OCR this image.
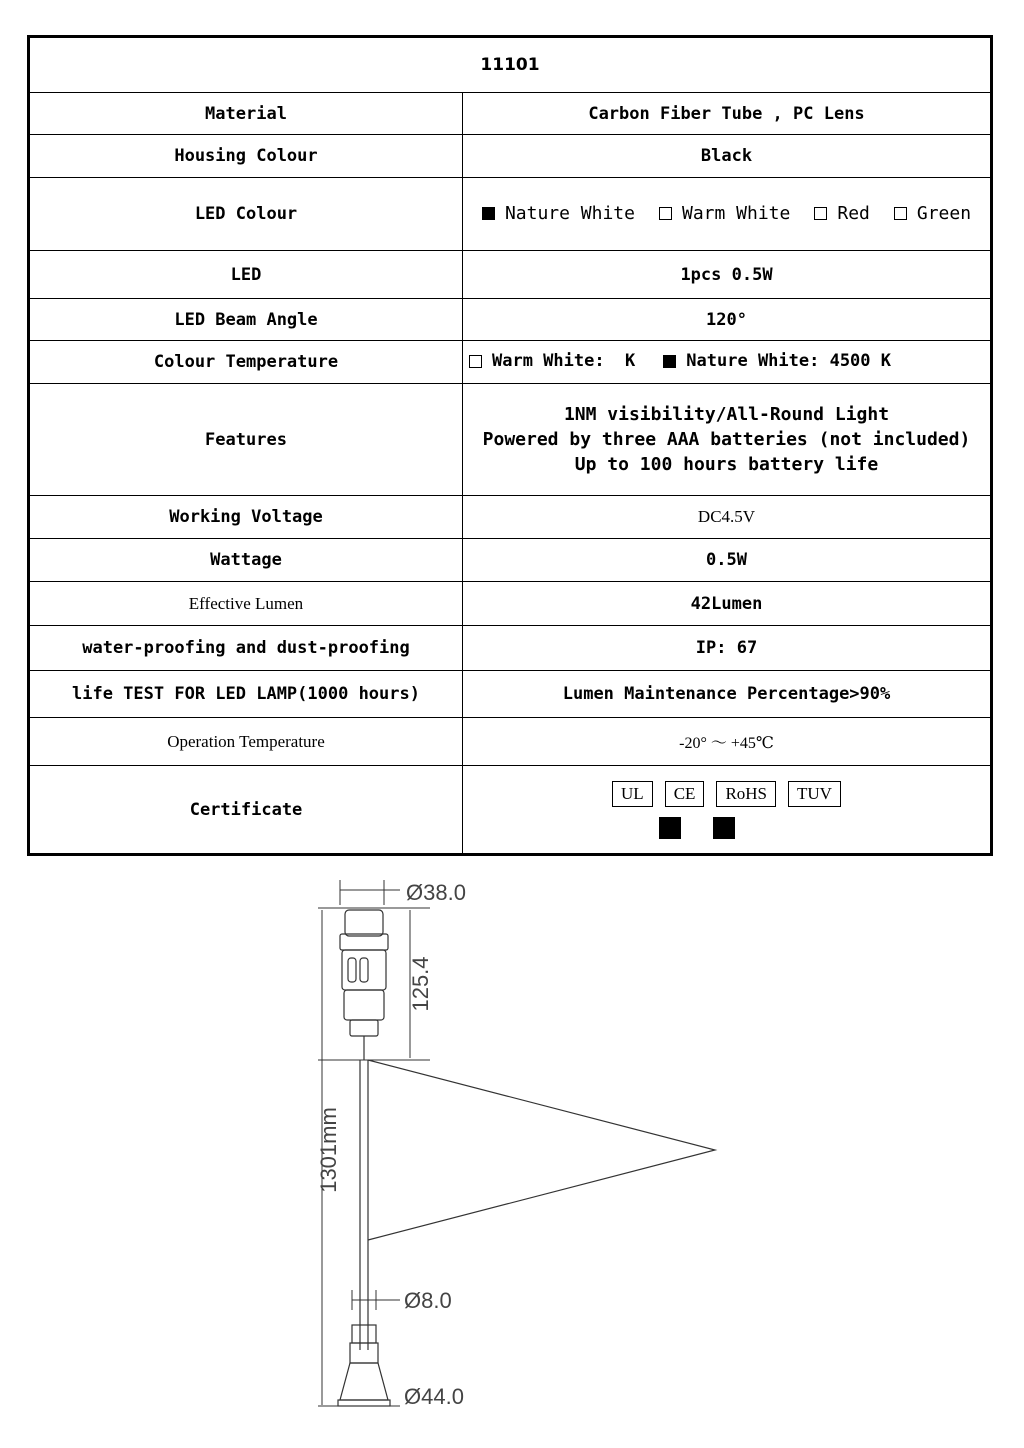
11101	
Material	Carbon Fiber Tube , PC Lens
Housing Colour	Black
LED Colour	Nature White Warm White Red Green

LED	1pcs 0.5W
LED Beam Angle	120°
Colour Temperature	Warm White:  K Nature White: 4500 K

Features	1NM visibility/All-Round Light
Powered by three AAA batteries (not included)
Up to 100 hours battery life

Working Voltage	DC4.5V
Wattage	0.5W
Effective Lumen	42Lumen
water-proofing and dust-proofing	IP: 67
life TEST FOR LED LAMP(1000 hours)	Lumen Maintenance Percentage>90%
Operation Temperature	-20° ～ +45℃
Certificate	UL CE RoHS TUV
Ø38.0
125.4
1301mm
Ø8.0
Ø44.0
